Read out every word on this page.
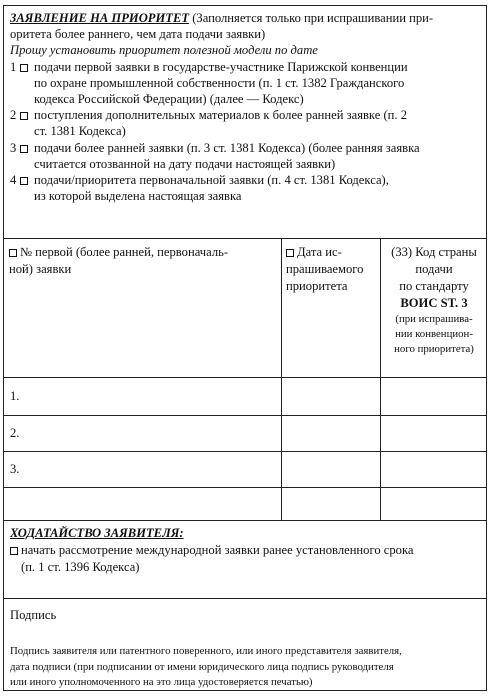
ЗАЯВЛЕНИЕ НА ПРИОРИТЕТ (Заполняется только при испрашивании при-
оритета более раннего, чем дата подачи заявки)
Прошу установить приоритет полезной модели по дате
1 подачи первой заявки в государстве-участнике Парижской конвенции
по охране промышленной собственности (п. 1 ст. 1382 Гражданского
кодекса Российской Федерации) (далее — Кодекс)
2 поступления дополнительных материалов к более ранней заявке (п. 2
ст. 1381 Кодекса)
3 подачи более ранней заявки (п. 3 ст. 1381 Кодекса) (более ранняя заявка
считается отозванной на дату подачи настоящей заявки)
4 подачи/приоритета первоначальной заявки (п. 4 ст. 1381 Кодекса),
из которой выделена настоящая заявка
№ первой (более ранней, первоначаль-
ной) заявки
Дата ис-
прашиваемого
приоритета
(33) Код страны
подачи
по стандарту
ВОИС ST. 3
(при испрашива-
нии конвенцион-
ного приоритета)
1.
2.
3.
ХОДАТАЙСТВО ЗАЯВИТЕЛЯ:
начать рассмотрение международной заявки ранее установленного срока
(п. 1 ст. 1396 Кодекса)
Подпись
Подпись заявителя или патентного поверенного, или иного представителя заявителя,
дата подписи (при подписании от имени юридического лица подпись руководителя
или иного уполномоченного на это лица удостоверяется печатью)
